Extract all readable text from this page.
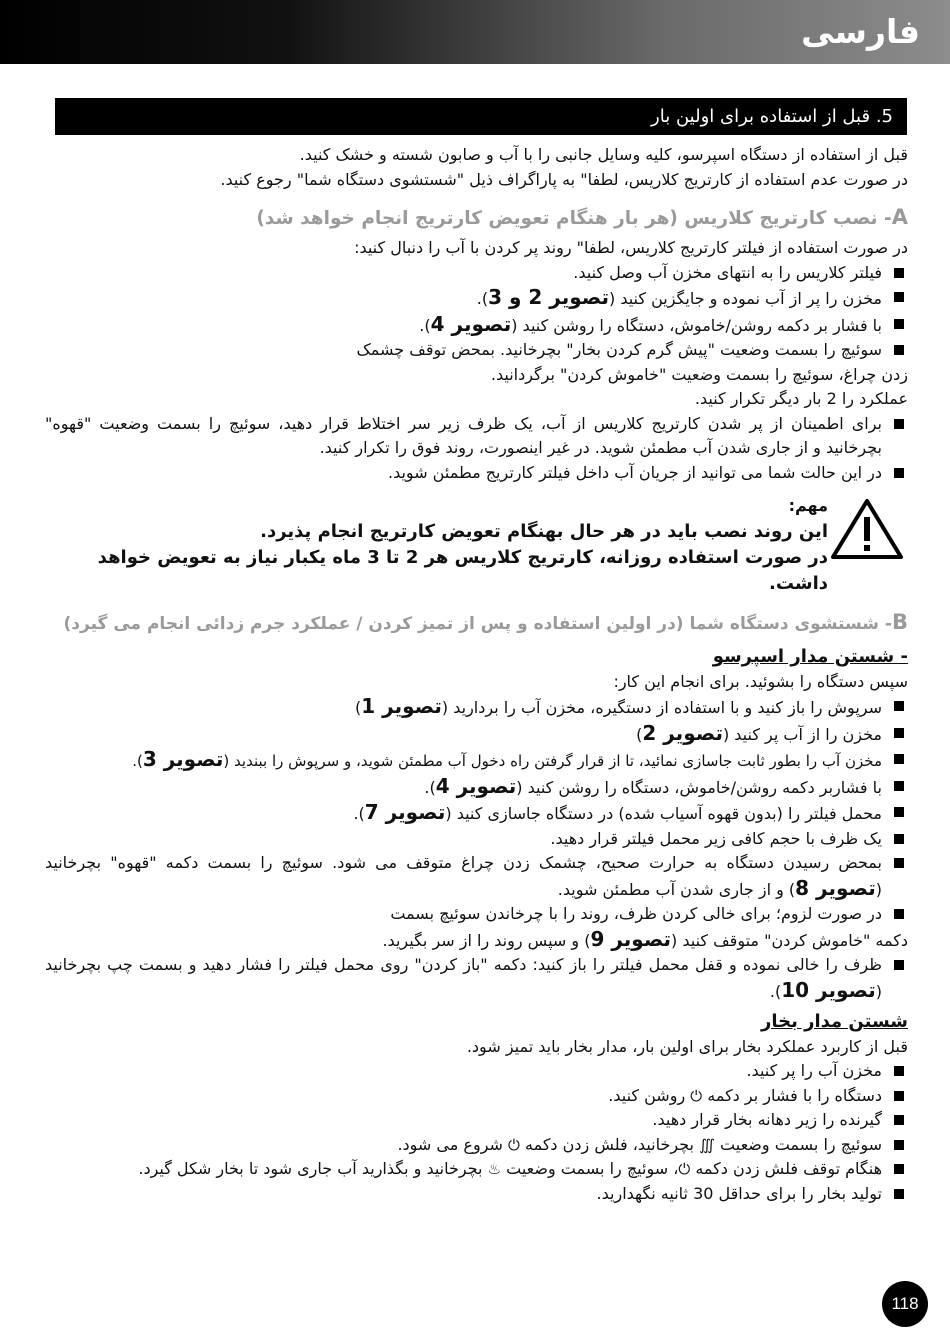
فارسی
5. قبل از استفاده برای اولین بار

قبل از استفاده از دستگاه اسپرسو، کلیه وسایل جانبی را با آب و صابون شسته و خشک کنید.

در صورت عدم استفاده از کارتریج کلاریس، لطفا" به پاراگراف ذیل "شستشوی دستگاه شما" رجوع کنید.

A- نصب کارتریج کلاریس (هر بار هنگام تعویض کارتریج انجام خواهد شد)

در صورت استفاده از فیلتر کارتریج کلاریس، لطفا" روند پر کردن با آب را دنبال کنید:

فیلتر کلاریس را به انتهای مخزن آب وصل کنید.
مخزن را پر از آب نموده و جایگزین کنید (تصویر 2 و 3).
با فشار بر دکمه روشن/خاموش، دستگاه را روشن کنید (تصویر 4).
سوئیچ را بسمت وضعیت "پیش گرم کردن بخار" بچرخانید. بمحض توقف چشمک

زدن چراغ، سوئیچ را بسمت وضعیت "خاموش کردن" برگردانید.

عملکرد را 2 بار دیگر تکرار کنید.

برای اطمینان از پر شدن کارتریج کلاریس از آب، یک ظرف زیر سر اختلاط قرار دهید، سوئیچ را بسمت وضعیت "قهوه" بچرخانید و از جاری شدن آب مطمئن شوید. در غیر اینصورت، روند فوق را تکرار کنید.
در این حالت شما می توانید از جریان آب داخل فیلتر کارتریج مطمئن شوید.
مهم:
این روند نصب باید در هر حال بهنگام تعویض کارتریج انجام پذیرد.
در صورت استفاده روزانه، کارتریج کلاریس هر 2 تا 3 ماه یکبار نیاز به تعویض خواهد داشت.
B- شستشوی دستگاه شما (در اولین استفاده و پس از تمیز کردن / عملکرد جرم زدائی انجام می گیرد)
- شستن مدار اسپرسو

سپس دستگاه را بشوئید. برای انجام این کار:

سرپوش را باز کنید و با استفاده از دستگیره، مخزن آب را بردارید (تصویر 1)
مخزن را از آب پر کنید (تصویر 2)
مخزن آب را بطور ثابت جاسازی نمائید، تا از قرار گرفتن راه دخول آب مطمئن شوید، و سرپوش را ببندید (تصویر 3).
با فشاربر دکمه روشن/خاموش، دستگاه را روشن کنید (تصویر 4).
محمل فیلتر را (بدون قهوه آسیاب شده) در دستگاه جاسازی کنید (تصویر 7).
یک ظرف با حجم کافی زیر محمل فیلتر قرار دهید.
بمحض رسیدن دستگاه به حرارت صحیح، چشمک زدن چراغ متوقف می شود. سوئیچ را بسمت دکمه "قهوه" بچرخانید (تصویر 8) و از جاری شدن آب مطمئن شوید.
در صورت لزوم؛ برای خالی کردن ظرف، روند را با چرخاندن سوئیچ بسمت

دکمه "خاموش کردن" متوقف کنید (تصویر 9) و سپس روند را از سر بگیرید.

ظرف را خالی نموده و قفل محمل فیلتر را باز کنید: دکمه "باز کردن" روی محمل فیلتر را فشار دهید و بسمت چپ بچرخانید (تصویر 10).
شستن مدار بخار

قبل از کاربرد عملکرد بخار برای اولین بار، مدار بخار باید تمیز شود.

مخزن آب را پر کنید.
دستگاه را با فشار بر دکمه ⏻ روشن کنید.
گیرنده را زیر دهانه بخار قرار دهید.
سوئیچ را بسمت وضعیت ∭ بچرخانید، فلش زدن دکمه ⏻ شروع می شود.
هنگام توقف فلش زدن دکمه ⏻، سوئیچ را بسمت وضعیت ♨ بچرخانید و بگذارید آب جاری شود تا بخار شکل گیرد.
تولید بخار را برای حداقل 30 ثانیه نگهدارید.
118
